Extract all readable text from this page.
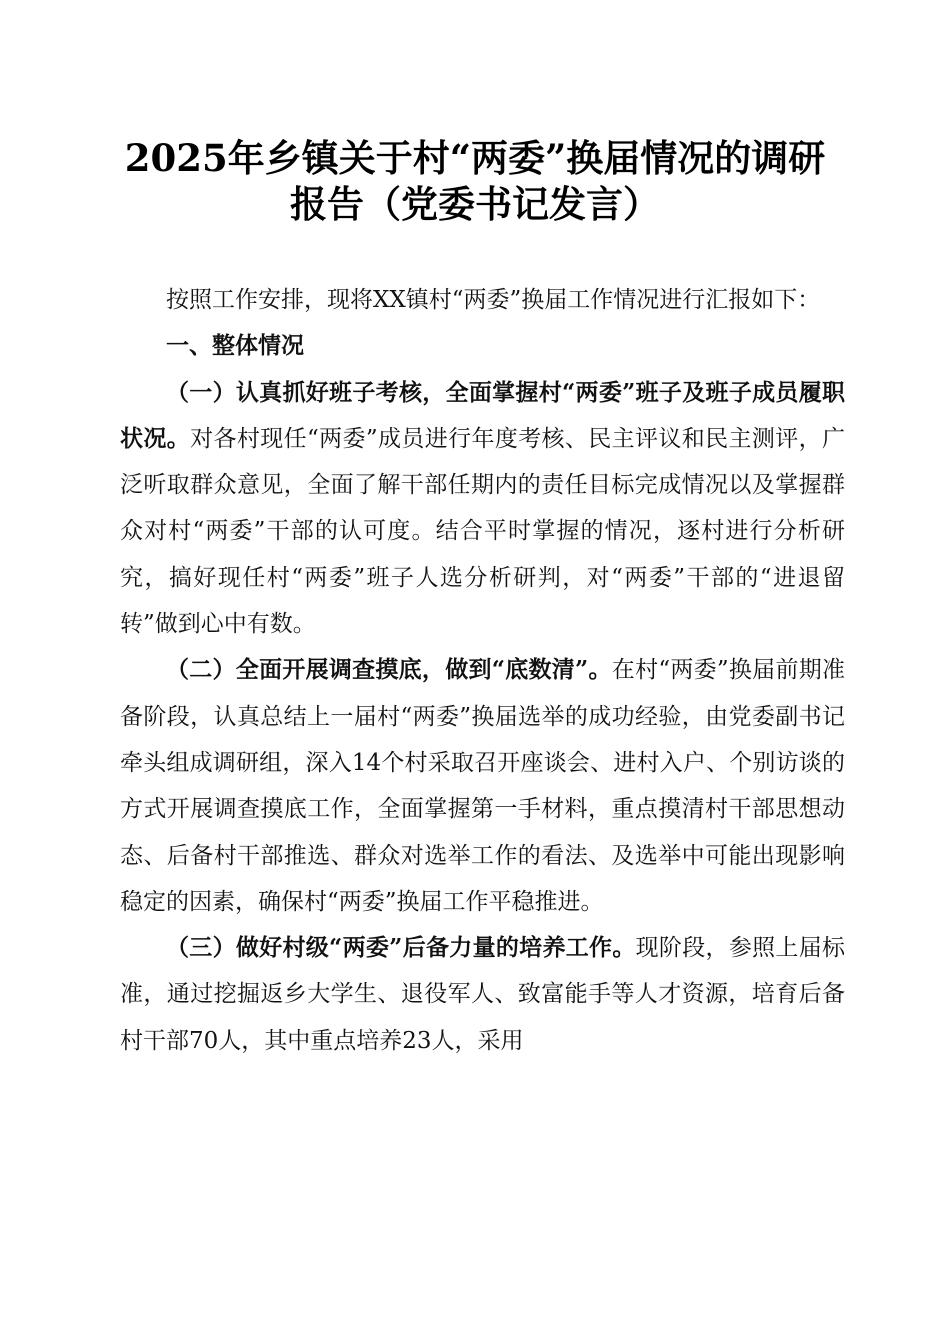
2025年乡镇关于村“两委”换届情况的调研
报告（党委书记发言）

按照工作安排，现将XX镇村“两委”换届工作情况进行汇报如下：

一、整体情况

（一）认真抓好班子考核，全面掌握村“两委”班子及班子成员履职状况。对各村现任“两委”成员进行年度考核、民主评议和民主测评，广泛听取群众意见，全面了解干部任期内的责任目标完成情况以及掌握群众对村“两委”干部的认可度。结合平时掌握的情况，逐村进行分析研究，搞好现任村“两委”班子人选分析研判，对“两委”干部的“进退留转”做到心中有数。

（二）全面开展调查摸底，做到“底数清”。在村“两委”换届前期准备阶段，认真总结上一届村“两委”换届选举的成功经验，由党委副书记牵头组成调研组，深入14个村采取召开座谈会、进村入户、个别访谈的方式开展调查摸底工作，全面掌握第一手材料，重点摸清村干部思想动态、后备村干部推选、群众对选举工作的看法、及选举中可能出现影响稳定的因素，确保村“两委”换届工作平稳推进。

（三）做好村级“两委”后备力量的培养工作。现阶段，参照上届标准，通过挖掘返乡大学生、退役军人、致富能手等人才资源，培育后备村干部70人，其中重点培养23人，采用
